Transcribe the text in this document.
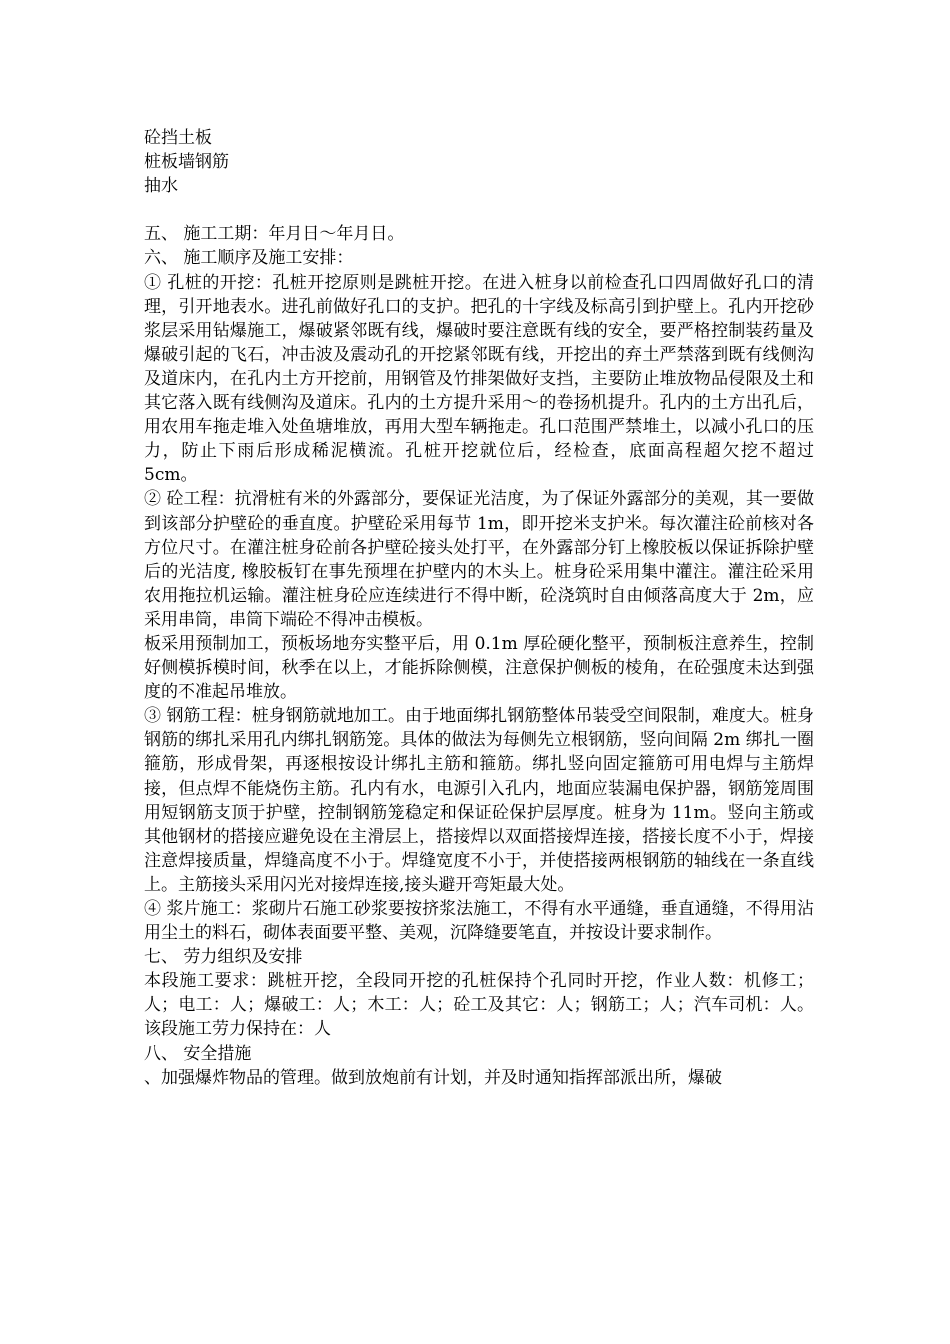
砼挡土板
桩板墙钢筋
抽水
五、 施工工期：年月日～年月日。
六、 施工顺序及施工安排：
① 孔桩的开挖：孔桩开挖原则是跳桩开挖。在进入桩身以前检查孔口四周做好孔口的清理，引开地表水。进孔前做好孔口的支护。把孔的十字线及标高引到护壁上。孔内开挖砂浆层采用钻爆施工，爆破紧邻既有线，爆破时要注意既有线的安全，要严格控制装药量及爆破引起的飞石，冲击波及震动孔的开挖紧邻既有线，开挖出的弃土严禁落到既有线侧沟及道床内，在孔内土方开挖前，用钢管及竹排架做好支挡，主要防止堆放物品侵限及土和其它落入既有线侧沟及道床。孔内的土方提升采用～的卷扬机提升。孔内的土方出孔后，用农用车拖走堆入处鱼塘堆放，再用大型车辆拖走。孔口范围严禁堆土，以减小孔口的压力，防止下雨后形成稀泥横流。孔桩开挖就位后，经检查，底面高程超欠挖不超过 5cm。
② 砼工程：抗滑桩有米的外露部分，要保证光洁度，为了保证外露部分的美观，其一要做到该部分护壁砼的垂直度。护壁砼采用每节 1m，即开挖米支护米。每次灌注砼前核对各方位尺寸。在灌注桩身砼前各护壁砼接头处打平，在外露部分钉上橡胶板以保证拆除护壁后的光洁度, 橡胶板钉在事先预埋在护壁内的木头上。桩身砼采用集中灌注。灌注砼采用农用拖拉机运输。灌注桩身砼应连续进行不得中断，砼浇筑时自由倾落高度大于 2m，应采用串筒，串筒下端砼不得冲击模板。
板采用预制加工，预板场地夯实整平后，用 0.1m 厚砼硬化整平，预制板注意养生，控制好侧模拆模时间，秋季在以上，才能拆除侧模，注意保护侧板的棱角，在砼强度未达到强度的不准起吊堆放。
③ 钢筋工程：桩身钢筋就地加工。由于地面绑扎钢筋整体吊装受空间限制，难度大。桩身钢筋的绑扎采用孔内绑扎钢筋笼。具体的做法为每侧先立根钢筋，竖向间隔 2m 绑扎一圈箍筋，形成骨架，再逐根按设计绑扎主筋和箍筋。绑扎竖向固定箍筋可用电焊与主筋焊接，但点焊不能烧伤主筋。孔内有水，电源引入孔内，地面应装漏电保护器，钢筋笼周围用短钢筋支顶于护壁，控制钢筋笼稳定和保证砼保护层厚度。桩身为 11m。竖向主筋或其他钢材的搭接应避免设在主滑层上，搭接焊以双面搭接焊连接，搭接长度不小于，焊接注意焊接质量，焊缝高度不小于。焊缝宽度不小于，并使搭接两根钢筋的轴线在一条直线上。主筋接头采用闪光对接焊连接,接头避开弯矩最大处。
④ 浆片施工：浆砌片石施工砂浆要按挤浆法施工，不得有水平通缝，垂直通缝，不得用沾用尘土的料石，砌体表面要平整、美观，沉降缝要笔直，并按设计要求制作。
七、 劳力组织及安排
本段施工要求：跳桩开挖，全段同开挖的孔桩保持个孔同时开挖，作业人数：机修工；人；电工：人；爆破工：人；木工：人；砼工及其它：人；钢筋工；人；汽车司机：人。该段施工劳力保持在：人
八、 安全措施
、加强爆炸物品的管理。做到放炮前有计划，并及时通知指挥部派出所，爆破
